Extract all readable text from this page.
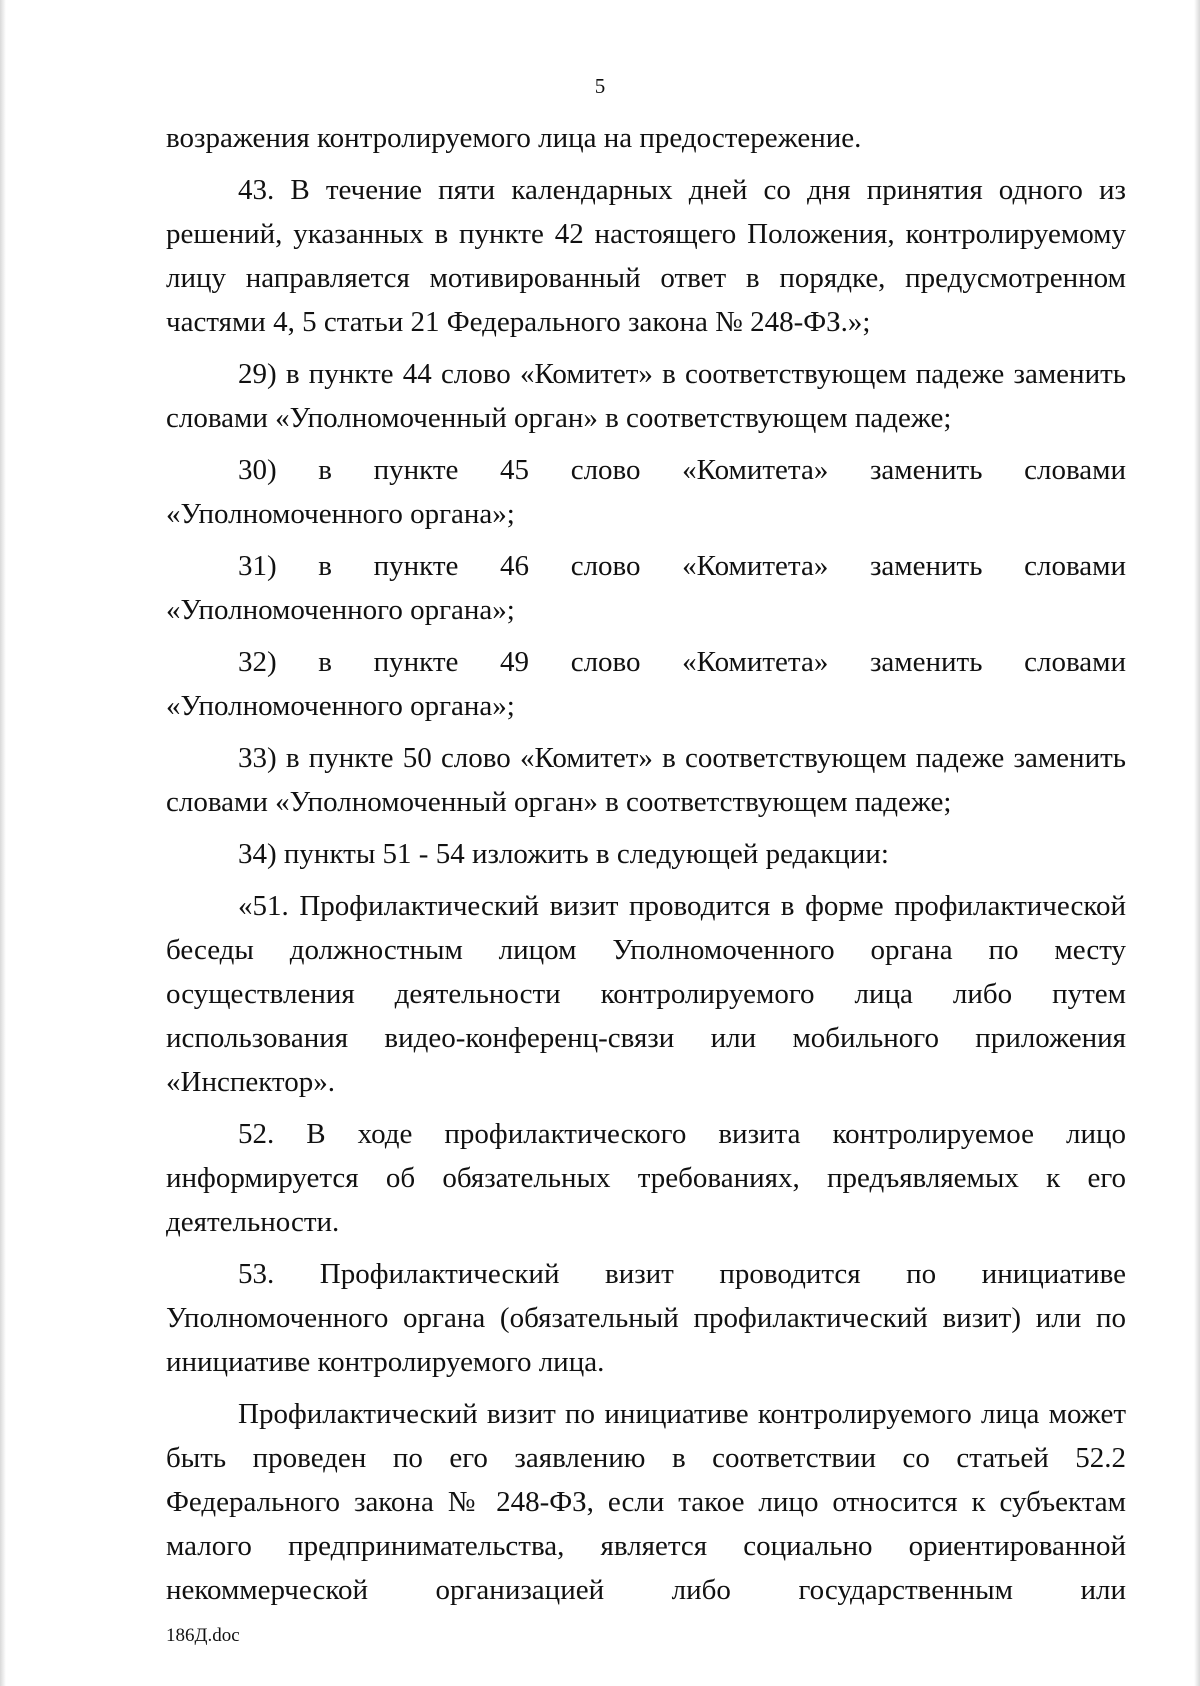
5

возражения контролируемого лица на предостережение.

43. В течение пяти календарных дней со дня принятия одного из решений, указанных в пункте 42 настоящего Положения, контролируемому лицу направляется мотивированный ответ в порядке, предусмотренном частями 4, 5 статьи 21 Федерального закона № 248-ФЗ.»;

29) в пункте 44 слово «Комитет» в соответствующем падеже заменить словами «Уполномоченный орган» в соответствующем падеже;

30) в пункте 45 слово «Комитета» заменить словами «Уполномоченного органа»;

31) в пункте 46 слово «Комитета» заменить словами «Уполномоченного органа»;

32) в пункте 49 слово «Комитета» заменить словами «Уполномоченного органа»;

33) в пункте 50 слово «Комитет» в соответствующем падеже заменить словами «Уполномоченный орган» в соответствующем падеже;

34) пункты 51 - 54 изложить в следующей редакции:

«51. Профилактический визит проводится в форме профилактической беседы должностным лицом Уполномоченного органа по месту осуществления деятельности контролируемого лица либо путем использования видео-конференц-связи или мобильного приложения «Инспектор».

52. В ходе профилактического визита контролируемое лицо информируется об обязательных требованиях, предъявляемых к его деятельности.

53. Профилактический визит проводится по инициативе Уполномоченного органа (обязательный профилактический визит) или по инициативе контролируемого лица.

Профилактический визит по инициативе контролируемого лица может быть проведен по его заявлению в соответствии со статьей 52.2 Федерального закона № 248-ФЗ, если такое лицо относится к субъектам малого предпринимательства, является социально ориентированной некоммерческой организацией либо государственным или

186Д.doc
